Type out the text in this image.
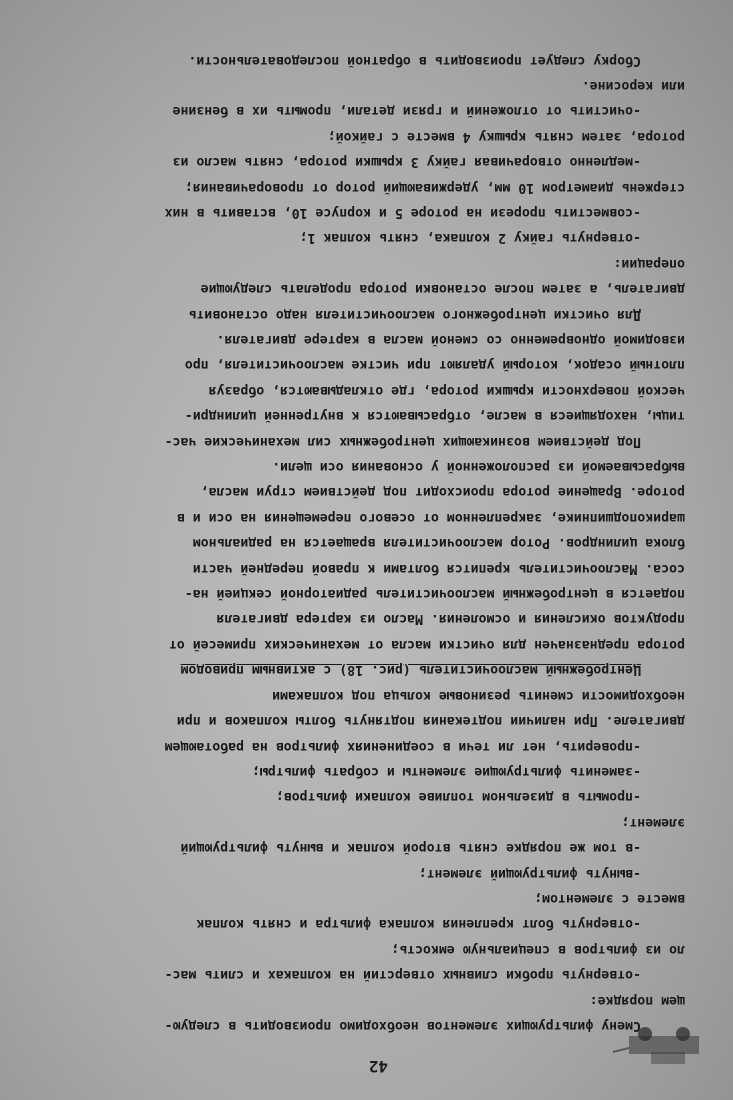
42
Смену фильтрующих элементов необходимо производить в следую-
щем порядке:
-отвернуть пробки сливных отверстий на колпаках и слить мас-
ло из фильтров в специальную емкость;
-отвернуть болт крепления колпака фильтра и снять колпак
вместе с элементом;
-вынуть фильтрующий элемент;
-в том же порядке снять второй колпак и вынуть фильтрующий
элемент;
-промыть в дизельном топливе колпаки фильтров;
-заменить фильтрующие элементы и собрать фильтры;
-проверить, нет ли течи в соединениях фильтров на работающем
двигателе. При наличии подтекания подтянуть болты колпаков и при
необходимости сменить резиновые кольца под колпаками
Центробежный маслоочиститель (рис. 18) с активным приводом
ротора предназначен для очистки масла от механических примесей от
продуктов окисления и осмоления. Масло из картера двигателя
подается в центробежный маслоочиститель радиаторной секцией на-
соса. Маслоочиститель крепится болтами к правой передней части
блока цилиндров. Ротор маслоочистителя вращается на радиальном
шарикоподшипнике, закрепленном от осевого перемещения на оси и в
роторе. Вращение ротора происходит под действием струи масла,
выбрасываемой из расположенной у основания оси щели.
Под действием возникающих центробежных сил механические час-
тицы, находящиеся в масле, отбрасываются к внутренней цилиндри-
ческой поверхности крышки ротора, где откладываются, образуя
плотный осадок, который удаляют при чистке маслоочистителя, про
изводимой одновременно со сменой масла в картере двигателя.
Для очистки центробежного маслоочистителя надо остановить
двигатель, а затем после остановки ротора проделать следующие
операции:
-отвернуть гайку 2 колпака, снять колпак 1;
-совместить прорези на роторе 5 и корпусе 10, вставить в них
стержень диаметром 10 мм, удерживающий ротор от проворачивания;
-медленно отворачивая гайку 3 крышки ротора, снять масло из
ротора, затем снять крышку 4 вместе с гайкой;
-очистить от отложений и грязи детали, промыть их в бензине
или керосине.
Сборку следует производить в обратной последовательности.
